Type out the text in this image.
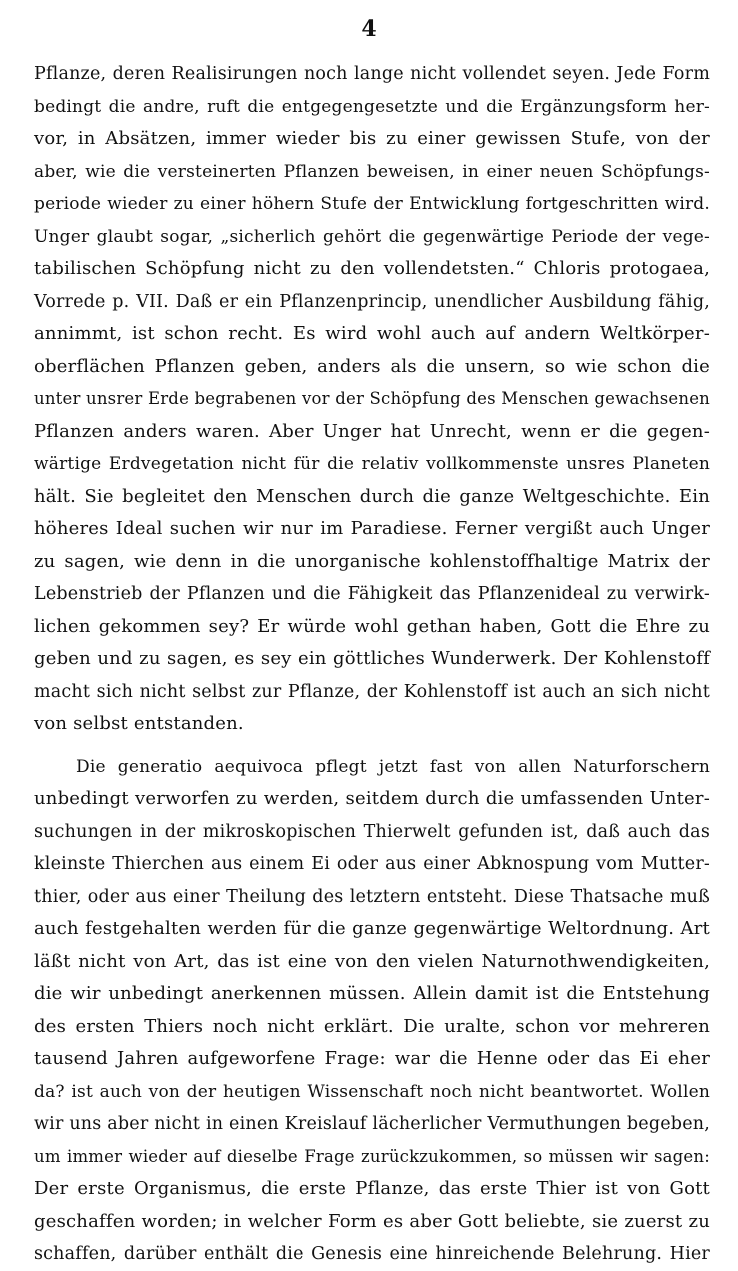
4
Pflanze, deren Realisirungen noch lange nicht vollendet seyen. Jede Form
bedingt die andre, ruft die entgegengesetzte und die Ergänzungsform her-
vor, in Absätzen, immer wieder bis zu einer gewissen Stufe, von der
aber, wie die versteinerten Pflanzen beweisen, in einer neuen Schöpfungs-
periode wieder zu einer höhern Stufe der Entwicklung fortgeschritten wird.
Unger glaubt sogar, „sicherlich gehört die gegenwärtige Periode der vege-
tabilischen Schöpfung nicht zu den vollendetsten.“ Chloris protogaea,
Vorrede p. VII. Daß er ein Pflanzenprincip, unendlicher Ausbildung fähig,
annimmt, ist schon recht. Es wird wohl auch auf andern Weltkörper-
oberflächen Pflanzen geben, anders als die unsern, so wie schon die
unter unsrer Erde begrabenen vor der Schöpfung des Menschen gewachsenen
Pflanzen anders waren. Aber Unger hat Unrecht, wenn er die gegen-
wärtige Erdvegetation nicht für die relativ vollkommenste unsres Planeten
hält. Sie begleitet den Menschen durch die ganze Weltgeschichte. Ein
höheres Ideal suchen wir nur im Paradiese. Ferner vergißt auch Unger
zu sagen, wie denn in die unorganische kohlenstoffhaltige Matrix der
Lebenstrieb der Pflanzen und die Fähigkeit das Pflanzenideal zu verwirk-
lichen gekommen sey? Er würde wohl gethan haben, Gott die Ehre zu
geben und zu sagen, es sey ein göttliches Wunderwerk. Der Kohlenstoff
macht sich nicht selbst zur Pflanze, der Kohlenstoff ist auch an sich nicht
von selbst entstanden.
Die generatio aequivoca pflegt jetzt fast von allen Naturforschern
unbedingt verworfen zu werden, seitdem durch die umfassenden Unter-
suchungen in der mikroskopischen Thierwelt gefunden ist, daß auch das
kleinste Thierchen aus einem Ei oder aus einer Abknospung vom Mutter-
thier, oder aus einer Theilung des letztern entsteht. Diese Thatsache muß
auch festgehalten werden für die ganze gegenwärtige Weltordnung. Art
läßt nicht von Art, das ist eine von den vielen Naturnothwendigkeiten,
die wir unbedingt anerkennen müssen. Allein damit ist die Entstehung
des ersten Thiers noch nicht erklärt. Die uralte, schon vor mehreren
tausend Jahren aufgeworfene Frage: war die Henne oder das Ei eher
da? ist auch von der heutigen Wissenschaft noch nicht beantwortet. Wollen
wir uns aber nicht in einen Kreislauf lächerlicher Vermuthungen begeben,
um immer wieder auf dieselbe Frage zurückzukommen, so müssen wir sagen:
Der erste Organismus, die erste Pflanze, das erste Thier ist von Gott
geschaffen worden; in welcher Form es aber Gott beliebte, sie zuerst zu
schaffen, darüber enthält die Genesis eine hinreichende Belehrung. Hier
